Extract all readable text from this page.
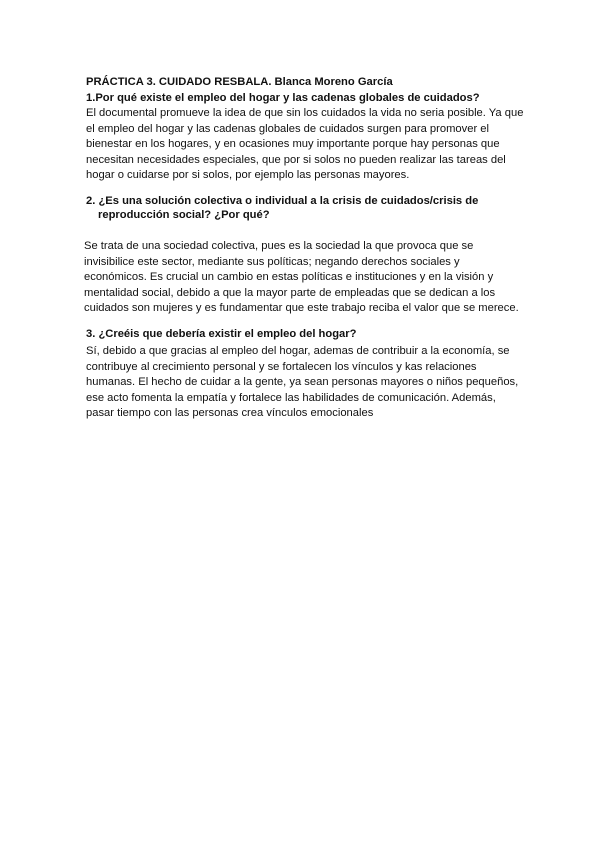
PRÁCTICA 3. CUIDADO RESBALA. Blanca Moreno García
1.Por qué existe el empleo del hogar y las cadenas globales de cuidados?
El documental promueve la idea de que sin los cuidados la vida no seria posible. Ya que
el empleo del hogar y las cadenas globales de cuidados surgen para promover el
bienestar en los hogares, y en ocasiones muy importante porque hay personas que
necesitan necesidades especiales, que por si solos no pueden realizar las tareas del
hogar o cuidarse por si solos, por ejemplo las personas mayores.
2. ¿Es una solución colectiva o individual a la crisis de cuidados/crisis de
reproducción social? ¿Por qué?
Se trata de una sociedad colectiva, pues es la sociedad la que provoca que se
invisibilice este sector, mediante sus políticas; negando derechos sociales y
económicos. Es crucial un cambio en estas políticas e instituciones y en la visión y
mentalidad social, debido a que la mayor parte de empleadas que se dedican a los
cuidados son mujeres y es fundamentar que este trabajo reciba el valor que se merece.
3. ¿Creéis que debería existir el empleo del hogar?
Sí, debido a que gracias al empleo del hogar, ademas de contribuir a la economía, se
contribuye al crecimiento personal y se fortalecen los vínculos y kas relaciones
humanas. El hecho de cuidar a la gente, ya sean personas mayores o niños pequeños,
ese acto fomenta la empatía y fortalece las habilidades de comunicación. Además,
pasar tiempo con las personas crea vínculos emocionales
